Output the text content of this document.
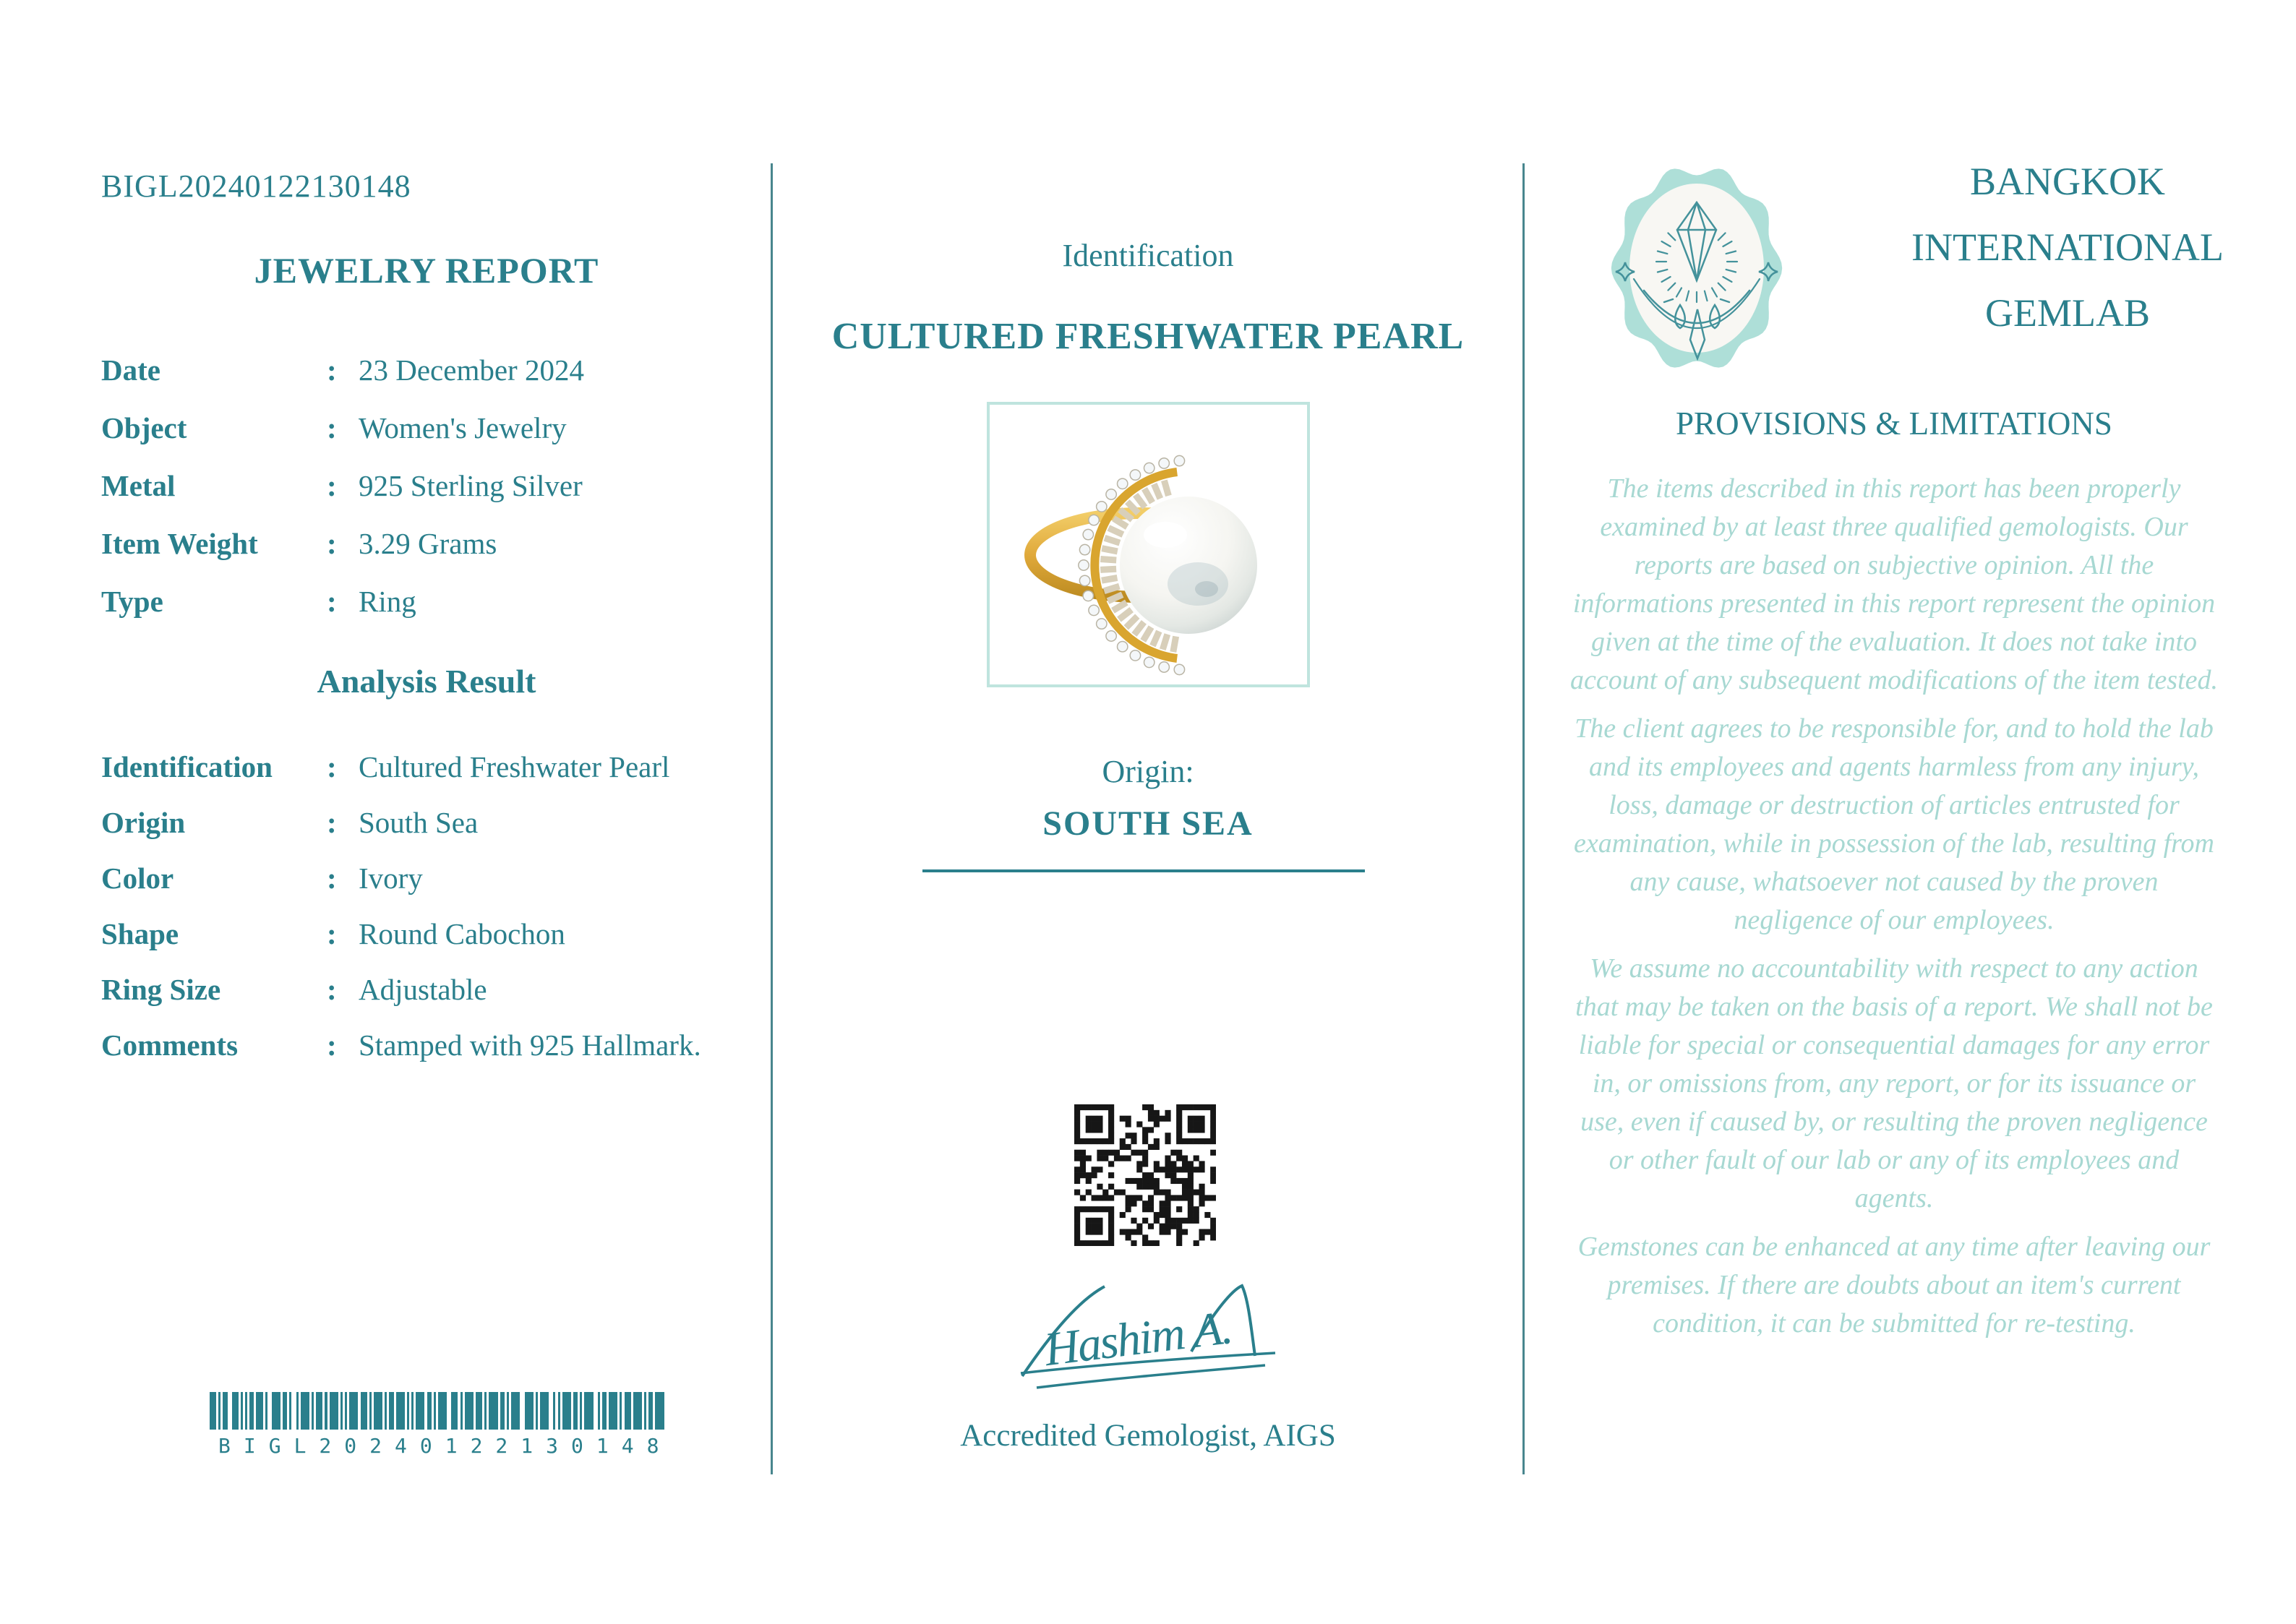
BIGL20240122130148
JEWELRY REPORT
Date	: 23 December 2024
Object	: Women's Jewelry
Metal	: 925 Sterling Silver
Item Weight	: 3.29 Grams
Type	: Ring
Analysis Result
Identification	: Cultured Freshwater Pearl
Origin	: South Sea
Color	: Ivory
Shape	: Round Cabochon
Ring Size	: Adjustable
Comments	: Stamped with 925 Hallmark.
BIGL20240122130148
Identification
CULTURED FRESHWATER PEARL
Origin:
SOUTH SEA
Hashim A.
Accredited Gemologist, AIGS
BANGKOK
INTERNATIONAL
GEMLAB
PROVISIONS & LIMITATIONS

The items described in this report has been properly examined by at least three qualified gemologists. Our reports are based on subjective opinion. All the informations presented in this report represent the opinion given at the time of the evaluation. It does not take into account of any subsequent modifications of the item tested.

The client agrees to be responsible for, and to hold the lab and its employees and agents harmless from any injury, loss, damage or destruction of articles entrusted for examination, while in possession of the lab, resulting from any cause, whatsoever not caused by the proven negligence of our employees.

We assume no accountability with respect to any action that may be taken on the basis of a report. We shall not be liable for special or consequential damages for any error in, or omissions from, any report, or for its issuance or use, even if caused by, or resulting the proven negligence or other fault of our lab or any of its employees and agents.

Gemstones can be enhanced at any time after leaving our premises. If there are doubts about an item's current condition, it can be submitted for re-testing.
